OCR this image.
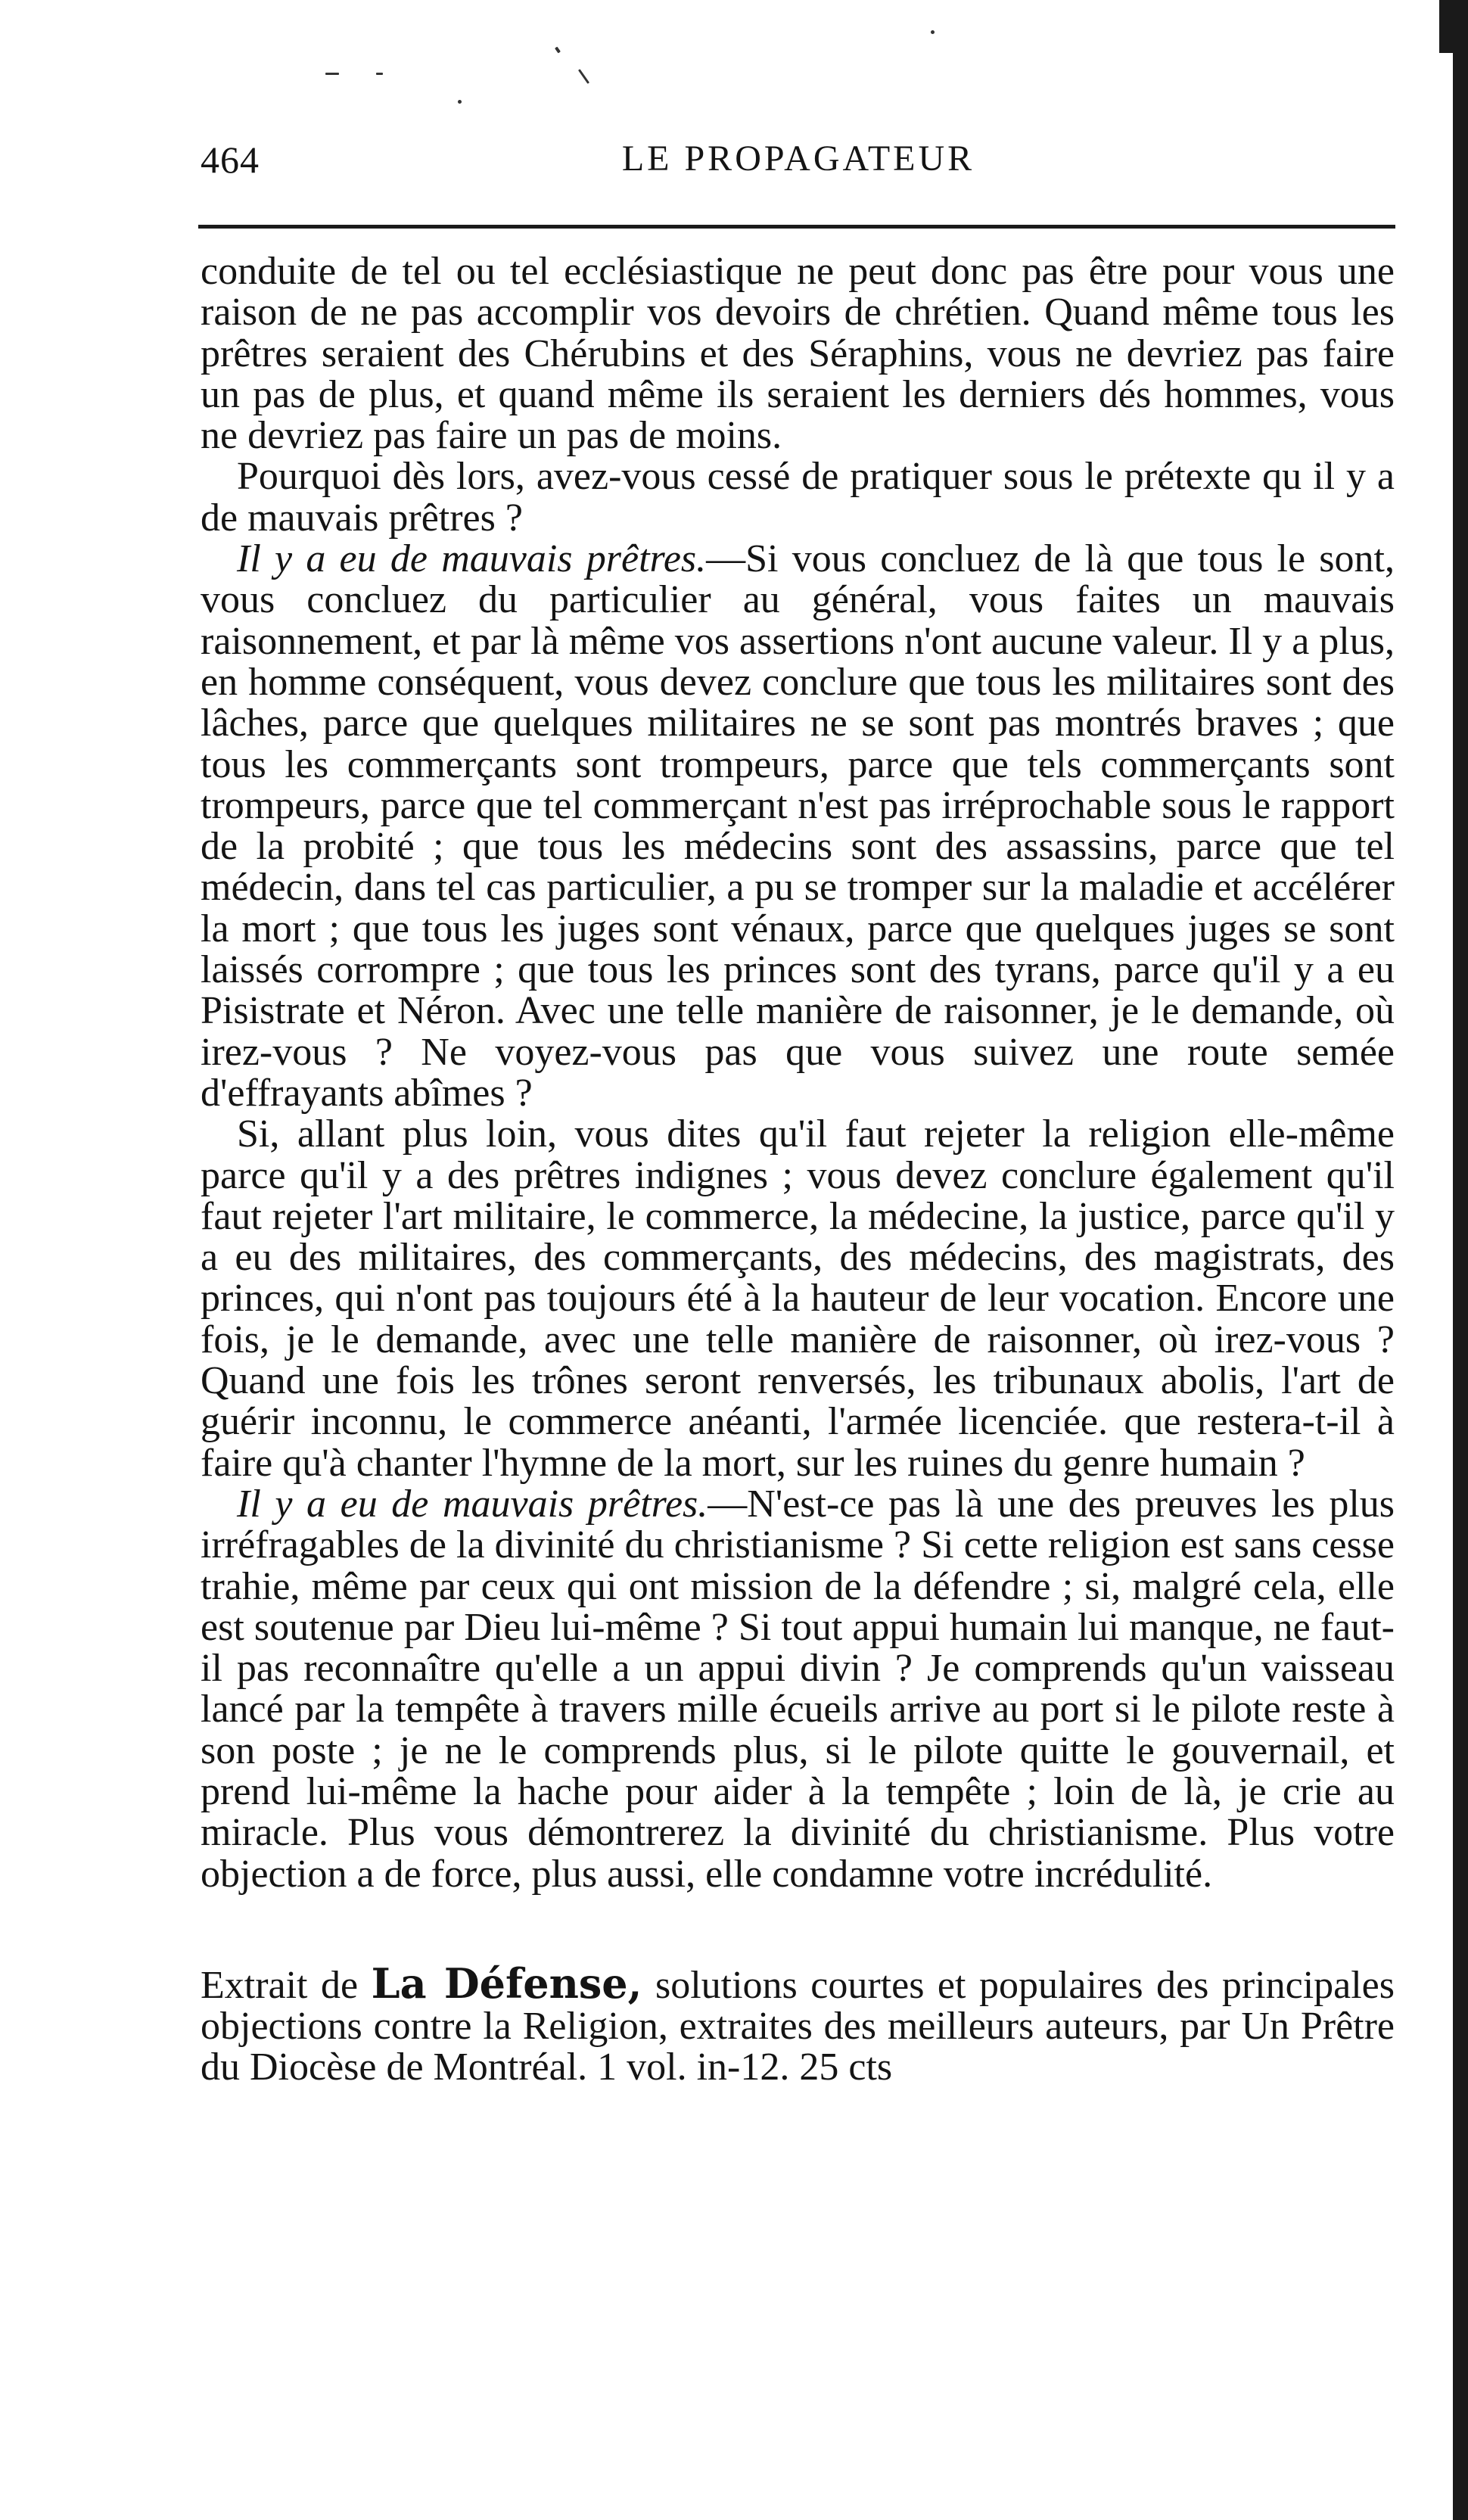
464	LE PROPAGATEUR

conduite de tel ou tel ecclésiastique ne peut donc pas être pour vous une raison de ne pas accomplir vos devoirs de chrétien. Quand même tous les prêtres seraient des Chérubins et des Séraphins, vous ne devriez pas faire un pas de plus, et quand même ils seraient les derniers dés hommes, vous ne devriez pas faire un pas de moins.

Pourquoi dès lors, avez-vous cessé de pratiquer sous le prétexte qu il y a de mauvais prêtres ?

Il y a eu de mauvais prêtres.—Si vous concluez de là que tous le sont, vous concluez du particulier au général, vous faites un mauvais raisonnement, et par là même vos assertions n'ont aucune valeur. Il y a plus, en homme conséquent, vous devez conclure que tous les militaires sont des lâches, parce que quelques militaires ne se sont pas montrés braves ; que tous les commerçants sont trompeurs, parce que tels commerçants sont trompeurs, parce que tel commerçant n'est pas irréprochable sous le rapport de la probité ; que tous les médecins sont des assassins, parce que tel médecin, dans tel cas particulier, a pu se tromper sur la maladie et accélérer la mort ; que tous les juges sont vénaux, parce que quelques juges se sont laissés corrompre ; que tous les princes sont des tyrans, parce qu'il y a eu Pisistrate et Néron. Avec une telle manière de raisonner, je le demande, où irez-vous ? Ne voyez-vous pas que vous suivez une route semée d'effrayants abîmes ?

Si, allant plus loin, vous dites qu'il faut rejeter la religion elle-même parce qu'il y a des prêtres indignes ; vous devez conclure également qu'il faut rejeter l'art militaire, le commerce, la médecine, la justice, parce qu'il y a eu des militaires, des commerçants, des médecins, des magistrats, des princes, qui n'ont pas toujours été à la hauteur de leur vocation. Encore une fois, je le demande, avec une telle manière de raisonner, où irez-vous ? Quand une fois les trônes seront renversés, les tribunaux abolis, l'art de guérir inconnu, le commerce anéanti, l'armée licenciée. que restera-t-il à faire qu'à chanter l'hymne de la mort, sur les ruines du genre humain ?

Il y a eu de mauvais prêtres.—N'est-ce pas là une des preuves les plus irréfragables de la divinité du christianisme ? Si cette religion est sans cesse trahie, même par ceux qui ont mission de la défendre ; si, malgré cela, elle est soutenue par Dieu lui-même ? Si tout appui humain lui manque, ne faut-il pas reconnaître qu'elle a un appui divin ? Je comprends qu'un vaisseau lancé par la tempête à travers mille écueils arrive au port si le pilote reste à son poste ; je ne le comprends plus, si le pilote quitte le gouvernail, et prend lui-même la hache pour aider à la tempête ; loin de là, je crie au miracle. Plus vous démontrerez la divinité du christianisme. Plus votre objection a de force, plus aussi, elle condamne votre incrédulité.

Extrait de La Défense, solutions courtes et populaires des principales objections contre la Religion, extraites des meilleurs auteurs, par Un Prêtre du Diocèse de Montréal. 1 vol. in-12. 25 cts
